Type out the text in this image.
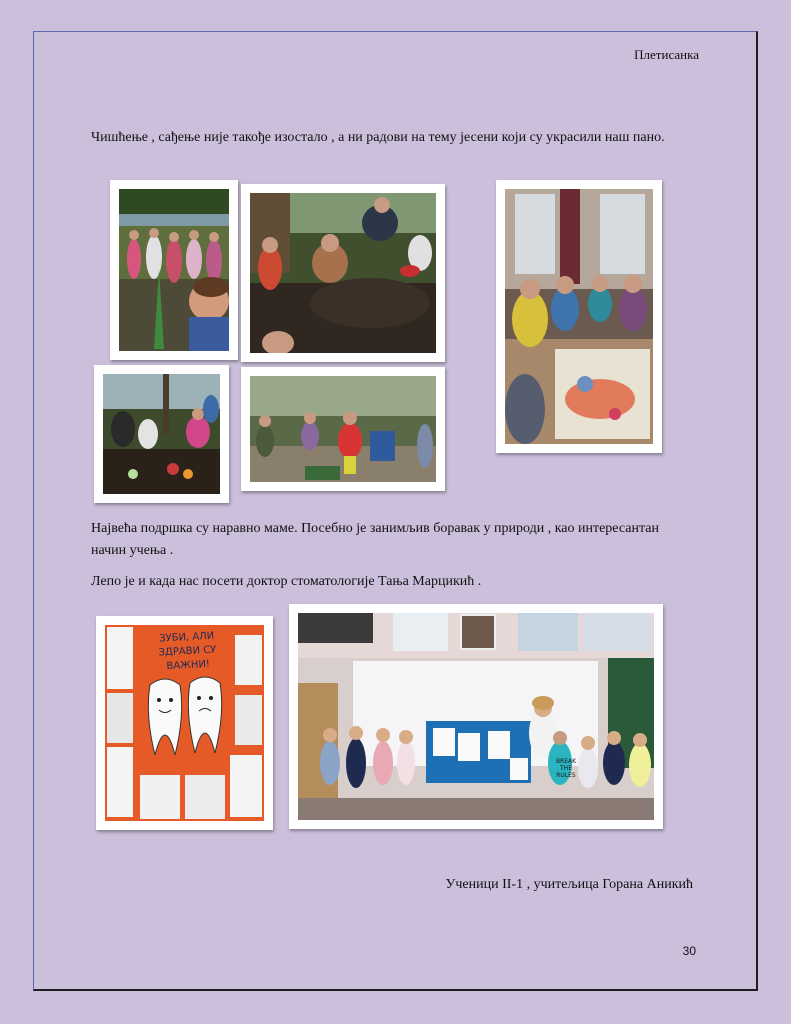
Плетисанка
Чишћење , сађење није такође изостало , а ни радови на тему јесени који су украсили наш пано.
Највећа подршка су наравно маме. Посебно је занимљив боравак у природи , као интересантан начин учења .
Лепо је и када нас посети доктор стоматологије Тања Марцикић .
ЗУБИ, АЛИ ЗДРАВИ СУ ВАЖНИ!
BREAK THE RULES
Ученици II-1 , учитељица Горана Аникић
30
